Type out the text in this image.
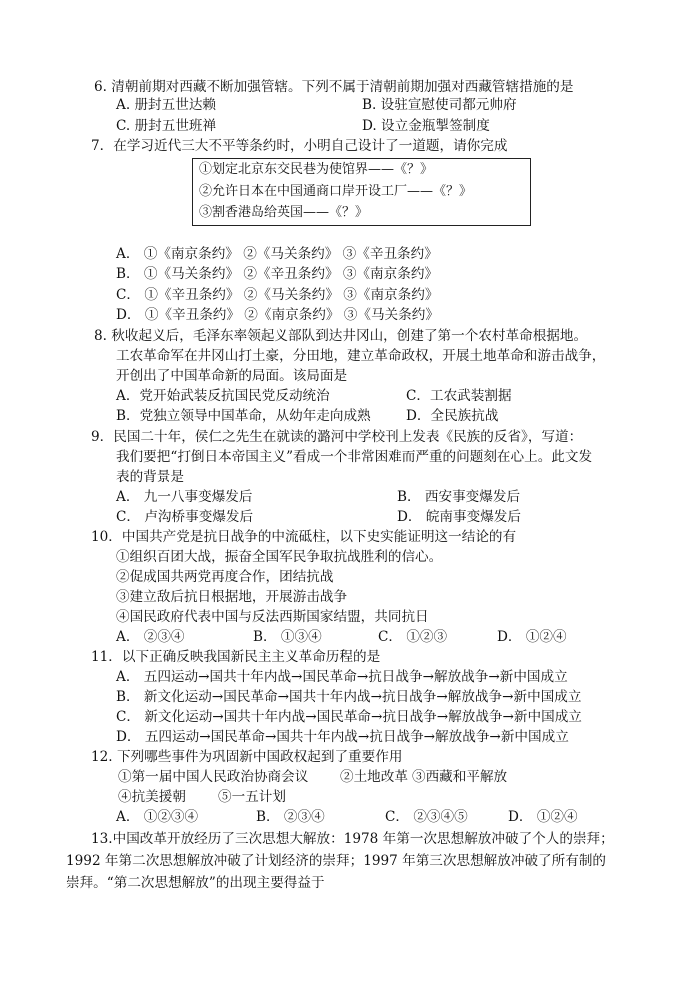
6. 清朝前期对西藏不断加强管辖。下列不属于清朝前期加强对西藏管辖措施的是
A. 册封五世达赖	B. 设驻宣慰使司都元帅府
C. 册封五世班禅	D. 设立金瓶掣签制度
7．在学习近代三大不平等条约时，小明自己设计了一道题，请你完成
①划定北京东交民巷为使馆界——《？》
②允许日本在中国通商口岸开设工厂——《？》
③割香港岛给英国——《？》
A． ①《南京条约》 ②《马关条约》 ③《辛丑条约》
B． ①《马关条约》 ②《辛丑条约》 ③《南京条约》
C． ①《辛丑条约》 ②《马关条约》 ③《南京条约》
D． ①《辛丑条约》 ②《南京条约》 ③《马关条约》
8. 秋收起义后，毛泽东率领起义部队到达井冈山，创建了第一个农村革命根据地。
工农革命军在井冈山打土豪，分田地，建立革命政权，开展土地革命和游击战争，
开创出了中国革命新的局面。该局面是
A．党开始武装反抗国民党反动统治	C．工农武装割据
B．党独立领导中国革命，从幼年走向成熟	D．全民族抗战
9．民国二十年，侯仁之先生在就读的潞河中学校刊上发表《民族的反省》，写道：
我们要把“打倒日本帝国主义”看成一个非常困难而严重的问题刻在心上。此文发
表的背景是
A． 九一八事变爆发后	B． 西安事变爆发后
C． 卢沟桥事变爆发后	D． 皖南事变爆发后
10．中国共产党是抗日战争的中流砥柱，以下史实能证明这一结论的有
①组织百团大战，振奋全国军民争取抗战胜利的信心。
②促成国共两党再度合作，团结抗战
③建立敌后抗日根据地，开展游击战争
④国民政府代表中国与反法西斯国家结盟，共同抗日
A． ②③④	B． ①③④	C． ①②③	D． ①②④
11．以下正确反映我国新民主主义革命历程的是
A． 五四运动→国共十年内战→国民革命→抗日战争→解放战争→新中国成立
B． 新文化运动→国民革命→国共十年内战→抗日战争→解放战争→新中国成立
C． 新文化运动→国共十年内战→国民革命→抗日战争→解放战争→新中国成立
D． 五四运动→国民革命→国共十年内战→抗日战争→解放战争→新中国成立
12. 下列哪些事件为巩固新中国政权起到了重要作用
①第一届中国人民政治协商会议 ②土地改革 ③西藏和平解放
④抗美援朝 ⑤一五计划
A． ①②③④	B． ②③④	C． ②③④⑤	D． ①②④
13.中国改革开放经历了三次思想大解放：1978 年第一次思想解放冲破了个人的崇拜；
1992 年第二次思想解放冲破了计划经济的崇拜；1997 年第三次思想解放冲破了所有制的
崇拜。“第二次思想解放”的出现主要得益于
